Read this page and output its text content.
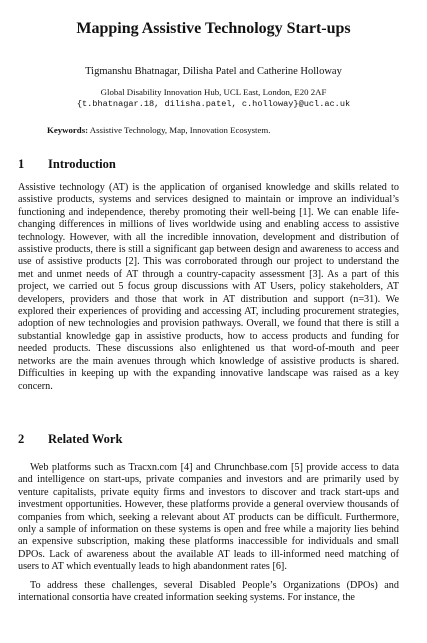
Mapping Assistive Technology Start-ups
Tigmanshu Bhatnagar, Dilisha Patel and Catherine Holloway
Global Disability Innovation Hub, UCL East, London, E20 2AF
{t.bhatnagar.18, dilisha.patel, c.holloway}@ucl.ac.uk
Keywords: Assistive Technology, Map, Innovation Ecosystem.
1 Introduction
Assistive technology (AT) is the application of organised knowledge and skills related to assistive products, systems and services designed to maintain or improve an individual’s functioning and independence, thereby promoting their well-being [1]. We can enable life-changing differences in millions of lives worldwide using and enabling access to assistive technology. However, with all the incredible innovation, development and distribution of assistive products, there is still a significant gap between design and awareness to access and use of assistive products [2]. This was corroborated through our project to understand the met and unmet needs of AT through a country-capacity assessment [3]. As a part of this project, we carried out 5 focus group discussions with AT Users, policy stakeholders, AT developers, providers and those that work in AT distribution and support (n=31). We explored their experiences of providing and accessing AT, including procurement strategies, adoption of new technologies and provision pathways. Overall, we found that there is still a substantial knowledge gap in assistive products, how to access products and funding for needed products. These discussions also enlightened us that word-of-mouth and peer networks are the main avenues through which knowledge of assistive products is shared. Difficulties in keeping up with the expanding innovative landscape was raised as a key concern.
2 Related Work
Web platforms such as Tracxn.com [4] and Chrunchbase.com [5] provide access to data and intelligence on start-ups, private companies and investors and are primarily used by venture capitalists, private equity firms and investors to discover and track start-ups and investment opportunities. However, these platforms provide a general overview thousands of companies from which, seeking a relevant about AT products can be difficult. Furthermore, only a sample of information on these systems is open and free while a majority lies behind an expensive subscription, making these platforms inaccessible for individuals and small DPOs. Lack of awareness about the available AT leads to ill-informed need matching of users to AT which eventually leads to high abandonment rates [6].
To address these challenges, several Disabled People’s Organizations (DPOs) and international consortia have created information seeking systems. For instance, the
